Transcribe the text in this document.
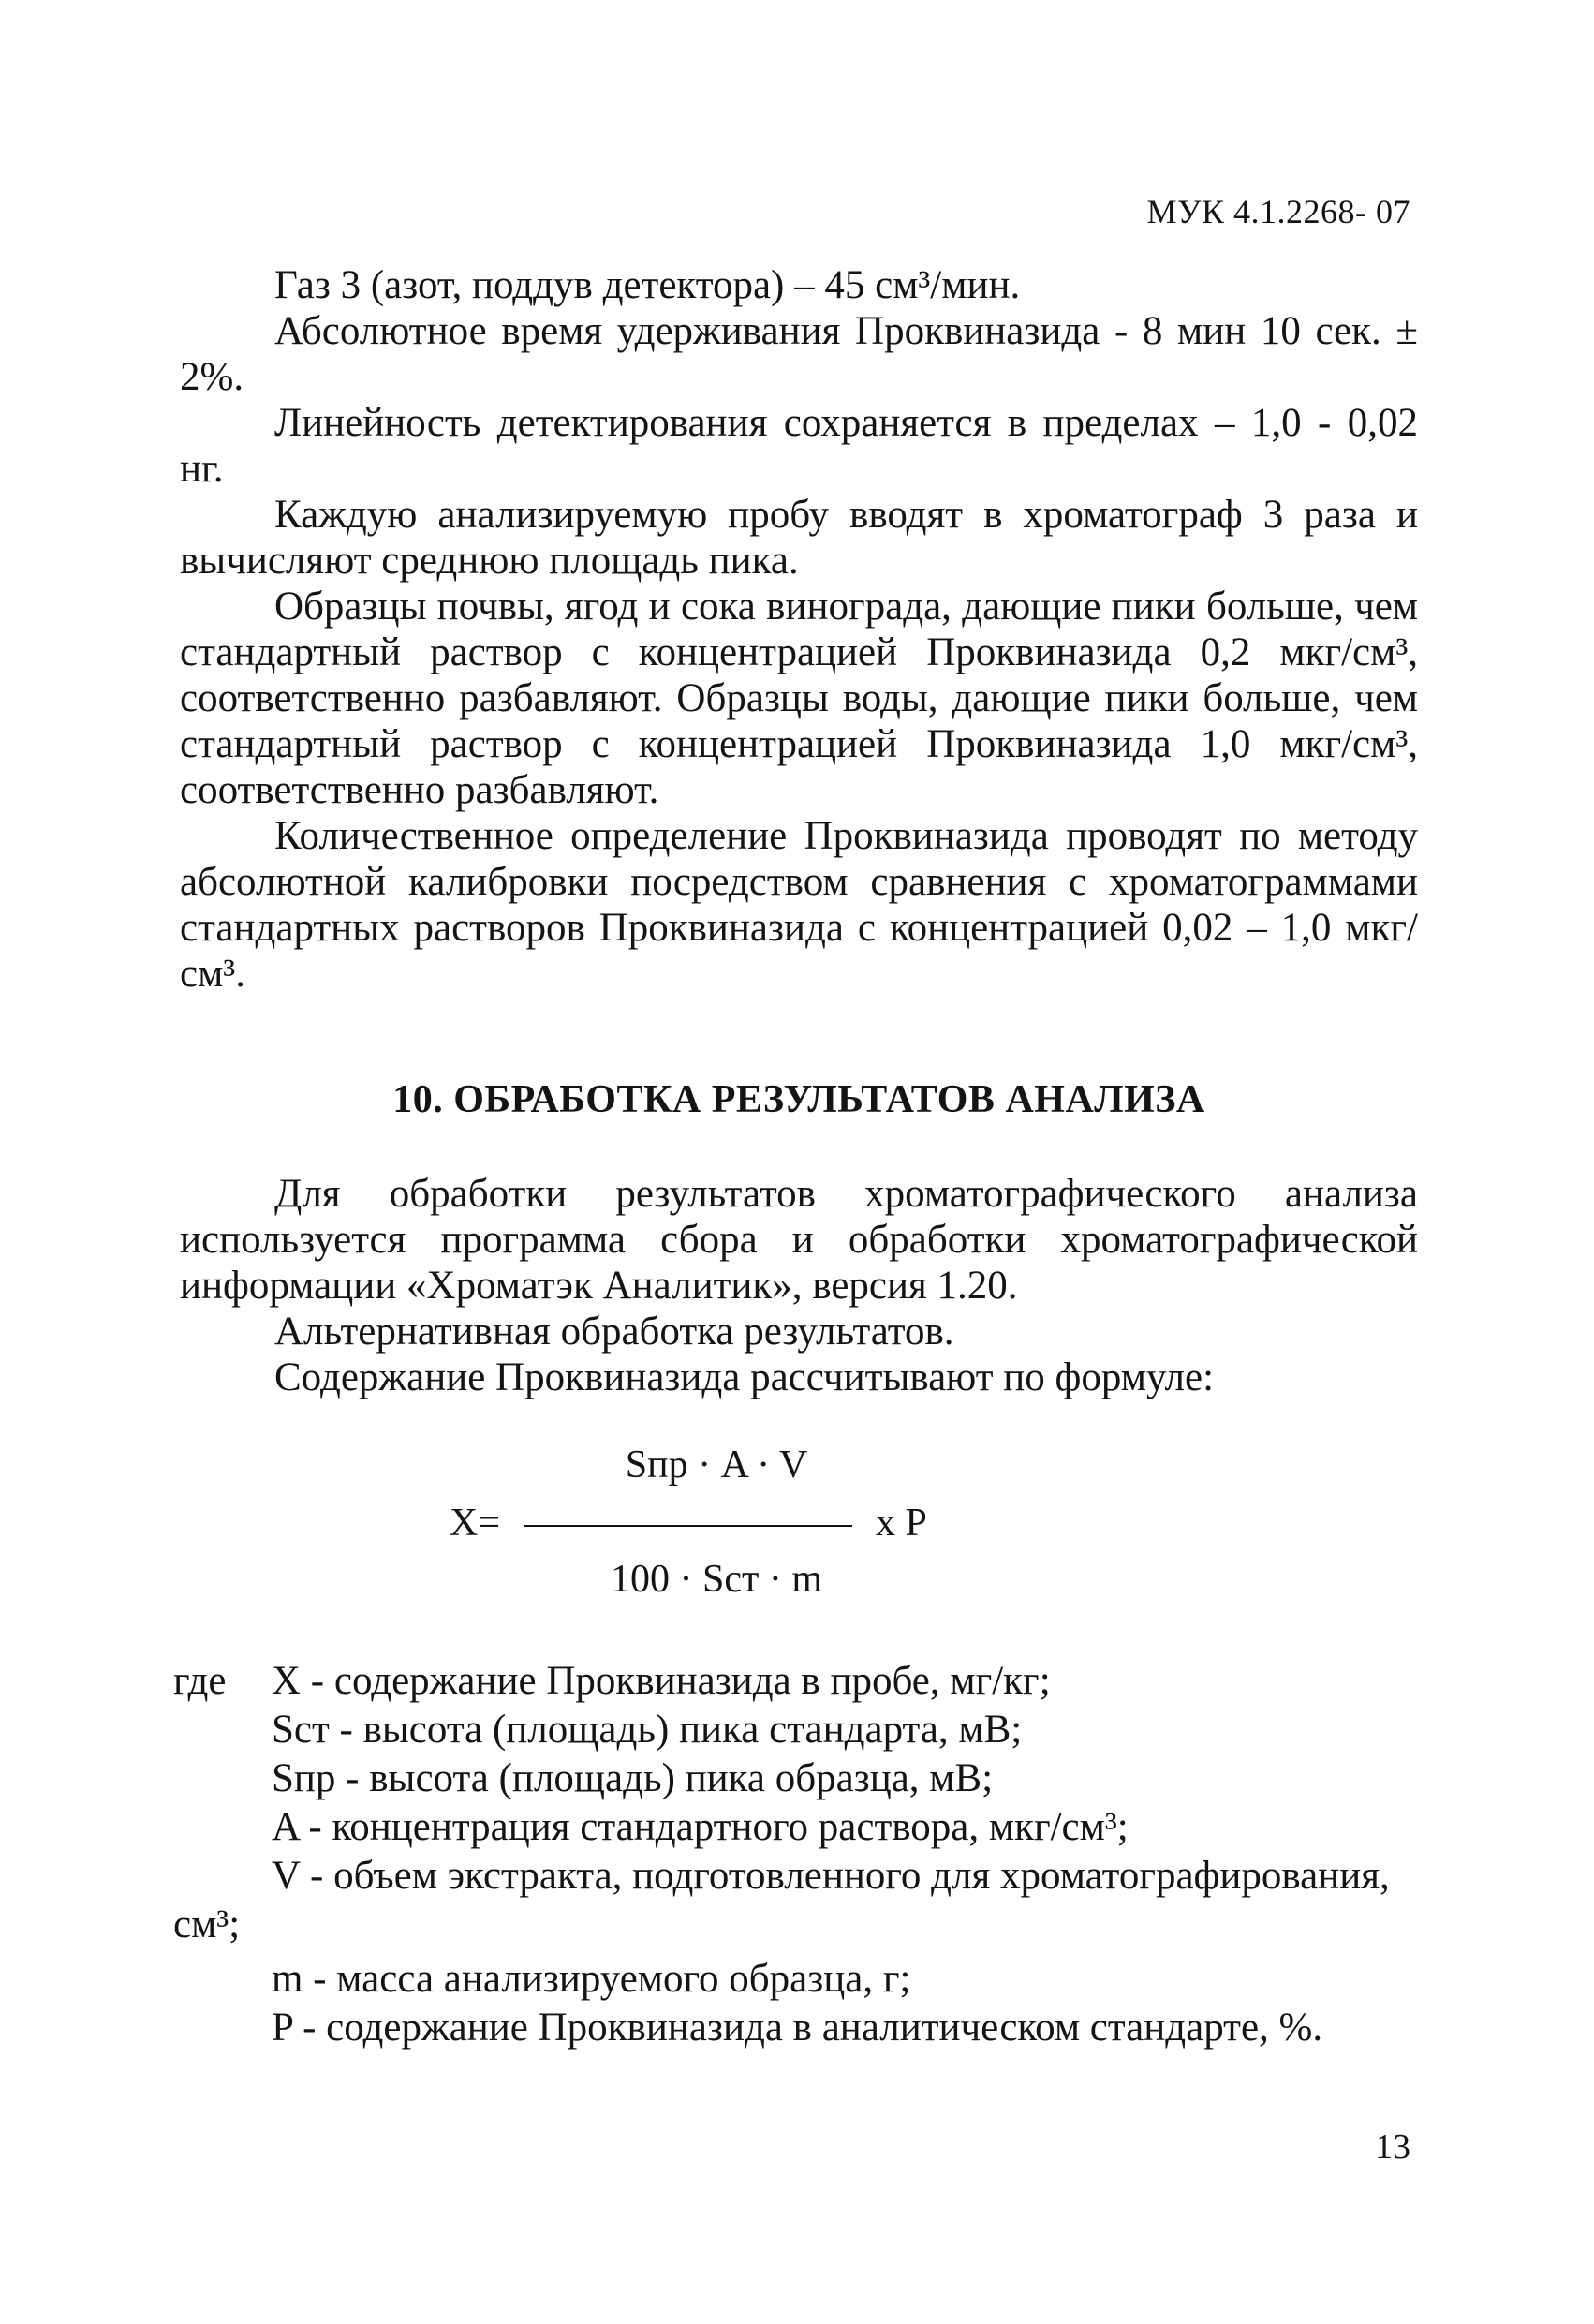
МУК 4.1.2268- 07

Газ 3 (азот, поддув детектора) – 45 см³/мин.

Абсолютное время удерживания Проквиназида - 8 мин 10 сек. ± 2%.

Линейность детектирования сохраняется в пределах – 1,0 - 0,02 нг.

Каждую анализируемую пробу вводят в хроматограф 3 раза и вычисляют среднюю площадь пика.

Образцы почвы, ягод и сока винограда, дающие пики больше, чем стандартный раствор с концентрацией Проквиназида 0,2 мкг/см³, соответственно разбавляют. Образцы воды, дающие пики больше, чем стандартный раствор с концентрацией Проквиназида 1,0 мкг/см³, соответственно разбавляют.

Количественное определение Проквиназида проводят по методу абсолютной калибровки посредством сравнения с хроматограммами стандартных растворов Проквиназида с концентрацией 0,02 – 1,0 мкг/см³.

10. ОБРАБОТКА РЕЗУЛЬТАТОВ АНАЛИЗА

Для обработки результатов хроматографического анализа используется программа сбора и обработки хроматографической информации «Хроматэк Аналитик», версия 1.20.

Альтернативная обработка результатов.

Содержание Проквиназида рассчитывают по формуле:

X=
Sпр · A · V
100 · Sст · m
x P
где X - содержание Проквиназида в пробе, мг/кг;
Sст - высота (площадь) пика стандарта, мВ;
Sпр - высота (площадь) пика образца, мВ;
A - концентрация стандартного раствора, мкг/см³;
V - объем экстракта, подготовленного для хроматографирования,
см³;
m - масса анализируемого образца, г;
P - содержание Проквиназида в аналитическом стандарте, %.
13
